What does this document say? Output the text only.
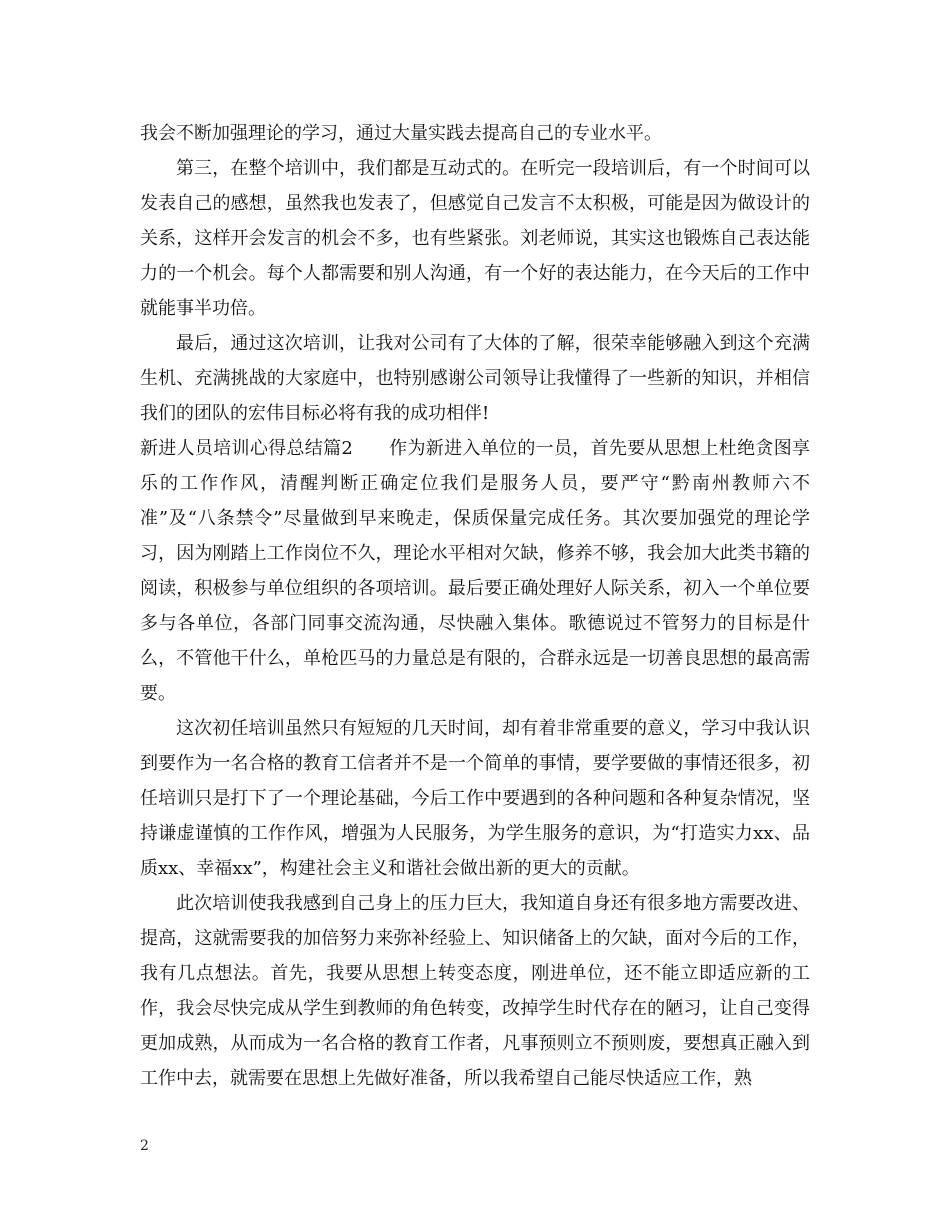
我会不断加强理论的学习，通过大量实践去提高自己的专业水平。

第三，在整个培训中，我们都是互动式的。在听完一段培训后，有一个时间可以发表自己的感想，虽然我也发表了，但感觉自己发言不太积极，可能是因为做设计的关系，这样开会发言的机会不多，也有些紧张。刘老师说，其实这也锻炼自己表达能力的一个机会。每个人都需要和别人沟通，有一个好的表达能力，在今天后的工作中就能事半功倍。

最后，通过这次培训，让我对公司有了大体的了解，很荣幸能够融入到这个充满生机、充满挑战的大家庭中，也特别感谢公司领导让我懂得了一些新的知识，并相信我们的团队的宏伟目标必将有我的成功相伴!

新进人员培训心得总结篇2 作为新进入单位的一员，首先要从思想上杜绝贪图享乐的工作作风，清醒判断正确定位我们是服务人员，要严守“黔南州教师六不准”及“八条禁令”尽量做到早来晚走，保质保量完成任务。其次要加强党的理论学习，因为刚踏上工作岗位不久，理论水平相对欠缺，修养不够，我会加大此类书籍的阅读，积极参与单位组织的各项培训。最后要正确处理好人际关系，初入一个单位要多与各单位，各部门同事交流沟通，尽快融入集体。歌德说过不管努力的目标是什么，不管他干什么，单枪匹马的力量总是有限的，合群永远是一切善良思想的最高需要。

这次初任培训虽然只有短短的几天时间，却有着非常重要的意义，学习中我认识到要作为一名合格的教育工信者并不是一个简单的事情，要学要做的事情还很多，初任培训只是打下了一个理论基础，今后工作中要遇到的各种问题和各种复杂情况，坚持谦虚谨慎的工作作风，增强为人民服务，为学生服务的意识，为“打造实力xx、品质xx、幸福xx”，构建社会主义和谐社会做出新的更大的贡献。

此次培训使我我感到自己身上的压力巨大，我知道自身还有很多地方需要改进、提高，这就需要我的加倍努力来弥补经验上、知识储备上的欠缺，面对今后的工作，我有几点想法。首先，我要从思想上转变态度，刚进单位，还不能立即适应新的工作，我会尽快完成从学生到教师的角色转变，改掉学生时代存在的陋习，让自己变得更加成熟，从而成为一名合格的教育工作者，凡事预则立不预则废，要想真正融入到工作中去，就需要在思想上先做好准备，所以我希望自己能尽快适应工作，熟

2
